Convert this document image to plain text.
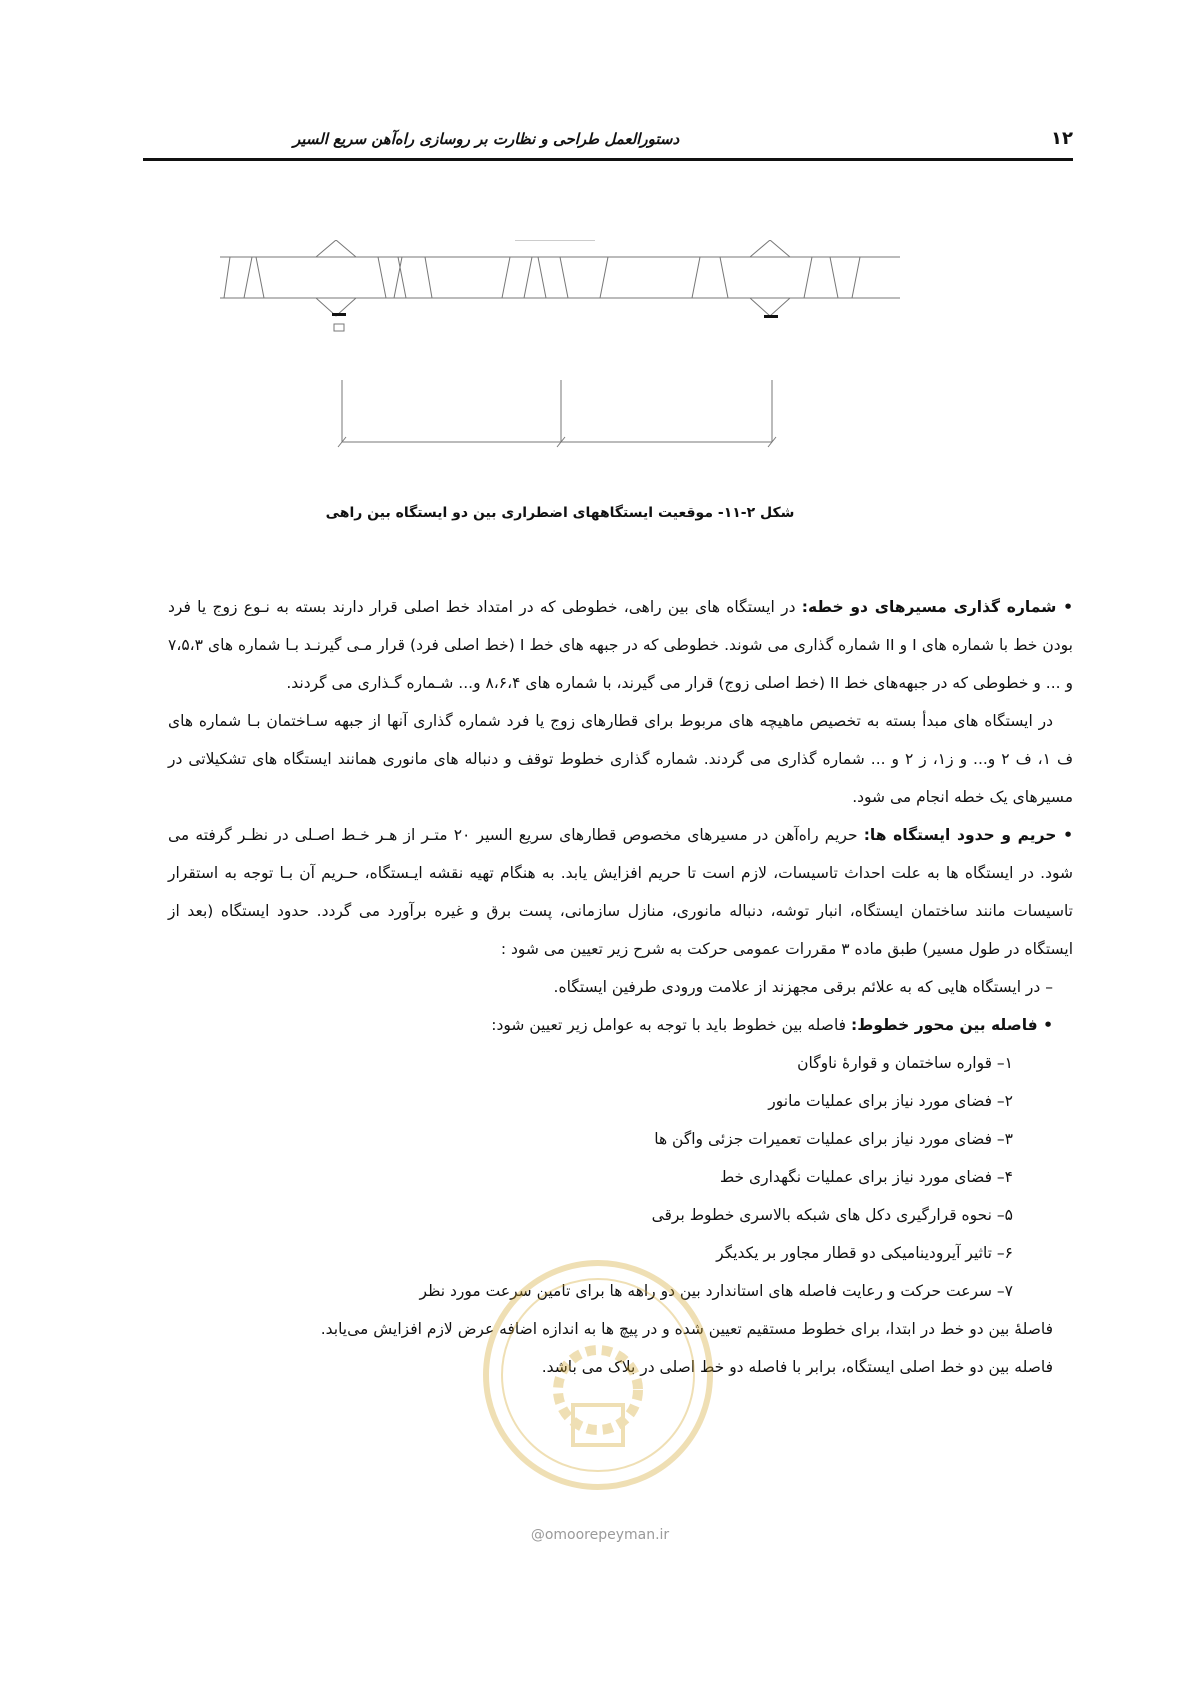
۱۲
دستورالعمل طراحی و نظارت بر روسازی راه‌آهن سریع السیر
شکل ۲-۱۱- موقعیت ایستگاههای اضطراری بین دو ایستگاه بین راهی

• شماره گذاری مسیرهای دو خطه: در ایستگاه های بین راهی، خطوطی که در امتداد خط اصلی قرار دارند بسته به نـوع زوج یا فرد بودن خط با شماره های I و II شماره گذاری می شوند. خطوطی که در جبهه های خط I (خط اصلی فرد) قرار مـی گیرنـد بـا شماره های ۷،۵،۳ و ... و خطوطی که در جبهه‌های خط II (خط اصلی زوج) قرار می گیرند، با شماره های ۸،۶،۴ و... شـماره گـذاری می گردند.

در ایستگاه های مبدأ بسته به تخصیص ماهیچه های مربوط برای قطارهای زوج یا فرد شماره گذاری آنها از جبهه سـاختمان بـا شماره های ف ۱، ف ۲ و... و ز۱، ز ۲ و ... شماره گذاری می گردند. شماره گذاری خطوط توقف و دنباله های مانوری همانند ایستگاه های تشکیلاتی در مسیرهای یک خطه انجام می شود.

• حریم و حدود ایستگاه ها: حریم راه‌آهن در مسیرهای مخصوص قطارهای سریع السیر ۲۰ متـر از هـر خـط اصـلی در نظـر گرفته می شود. در ایستگاه ها به علت احداث تاسیسات، لازم است تا حریم افزایش یابد. به هنگام تهیه نقشه ایـستگاه، حـریم آن بـا توجه به استقرار تاسیسات مانند ساختمان ایستگاه، انبار توشه، دنباله مانوری، منازل سازمانی، پست برق و غیره برآورد می گردد. حدود ایستگاه (بعد از ایستگاه در طول مسیر) طبق ماده ۳ مقررات عمومی حرکت به شرح زیر تعیین می شود :

– در ایستگاه هایی که به علائم برقی مجهزند از علامت ورودی طرفین ایستگاه.

• فاصله بین محور خطوط: فاصله بین خطوط باید با توجه به عوامل زیر تعیین شود:

۱– قواره ساختمان و قوارهٔ ناوگان

۲– فضای مورد نیاز برای عملیات مانور

۳– فضای مورد نیاز برای عملیات تعمیرات جزئی واگن ها

۴– فضای مورد نیاز برای عملیات نگهداری خط

۵– نحوه قرارگیری دکل های شبکه بالاسری خطوط برقی

۶– تاثیر آیرودینامیکی دو قطار مجاور بر یکدیگر

۷– سرعت حرکت و رعایت فاصله های استاندارد بین دو راهه ها برای تامین سرعت مورد نظر

فاصلهٔ بین دو خط در ابتدا، برای خطوط مستقیم تعیین شده و در پیچ ها به اندازه اضافه عرض لازم افزایش می‌یابد.

فاصله بین دو خط اصلی ایستگاه، برابر با فاصله دو خط اصلی در بلاک می باشد.

@omoorepeyman.ir
